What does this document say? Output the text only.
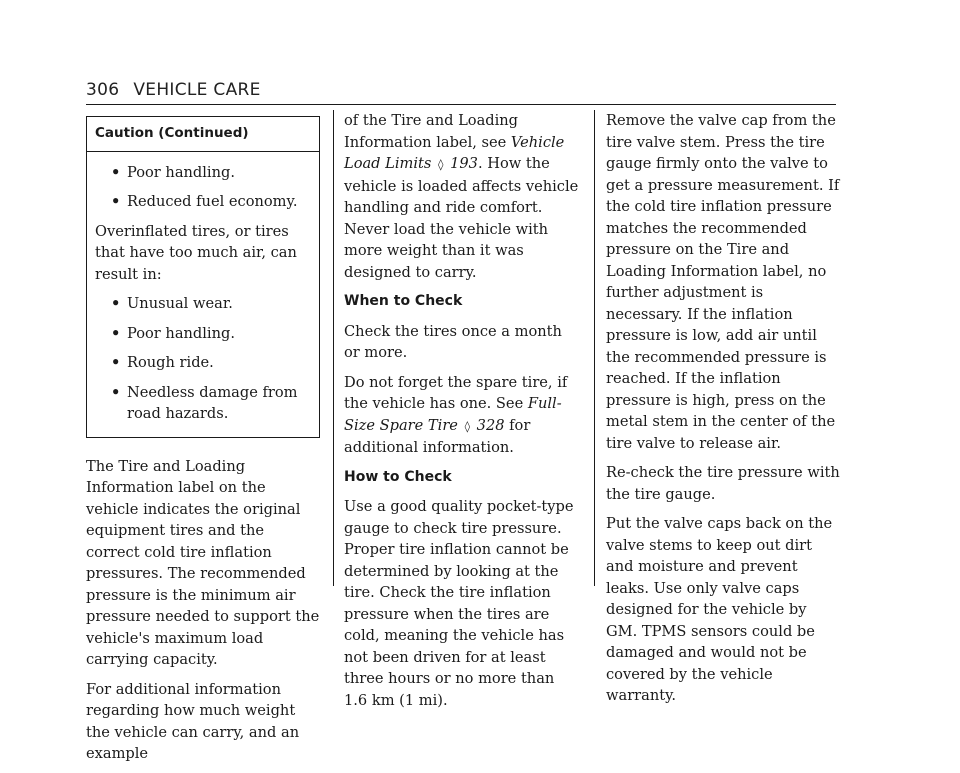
306 VEHICLE CARE
Caution (Continued)
• Poor handling.
• Reduced fuel economy.

Overinflated tires, or tires that have too much air, can result in:

• Unusual wear.
• Poor handling.
• Rough ride.
• Needless damage from road hazards.

The Tire and Loading Information label on the vehicle indicates the original equipment tires and the correct cold tire inflation pressures. The recommended pressure is the minimum air pressure needed to support the vehicle's maximum load carrying capacity.

For additional information regarding how much weight the vehicle can carry, and an example

of the Tire and Loading Information label, see Vehicle Load Limits ◊ 193. How the vehicle is loaded affects vehicle handling and ride comfort. Never load the vehicle with more weight than it was designed to carry.

When to Check

Check the tires once a month or more.

Do not forget the spare tire, if the vehicle has one. See Full-Size Spare Tire ◊ 328 for additional information.

How to Check

Use a good quality pocket-type gauge to check tire pressure. Proper tire inflation cannot be determined by looking at the tire. Check the tire inflation pressure when the tires are cold, meaning the vehicle has not been driven for at least three hours or no more than 1.6 km (1 mi).

Remove the valve cap from the tire valve stem. Press the tire gauge firmly onto the valve to get a pressure measurement. If the cold tire inflation pressure matches the recommended pressure on the Tire and Loading Information label, no further adjustment is necessary. If the inflation pressure is low, add air until the recommended pressure is reached. If the inflation pressure is high, press on the metal stem in the center of the tire valve to release air.

Re-check the tire pressure with the tire gauge.

Put the valve caps back on the valve stems to keep out dirt and moisture and prevent leaks. Use only valve caps designed for the vehicle by GM. TPMS sensors could be damaged and would not be covered by the vehicle warranty.
